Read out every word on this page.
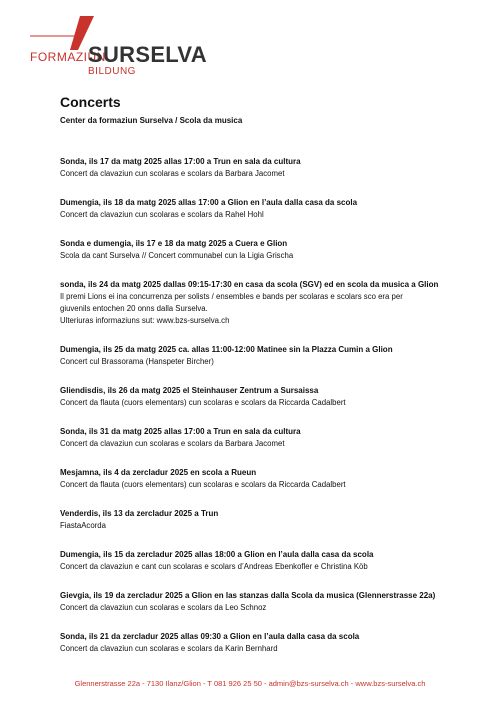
FORMAZIUN
SURSELVA
BILDUNG
Concerts
Center da formaziun Surselva / Scola da musica
Sonda, ils 17 da matg 2025 allas 17:00 a Trun en sala da cultura
Concert da clavaziun cun scolaras e scolars da Barbara Jacomet
Dumengia, ils 18 da matg 2025 allas 17:00 a Glion en l’aula dalla casa da scola
Concert da clavaziun cun scolaras e scolars da Rahel Hohl
Sonda e dumengia, ils 17 e 18 da matg 2025 a Cuera e Glion
Scola da cant Surselva // Concert communabel cun la Ligia Grischa
sonda, ils 24 da matg 2025 dallas 09:15-17:30 en casa da scola (SGV) ed en scola da musica a Glion
Il premi Lions ei ina concurrenza per solists / ensembles e bands per scolaras e scolars sco era per
giuvenils entochen 20 onns dalla Surselva.
Ulteriuras informaziuns sut: www.bzs-surselva.ch
Dumengia, ils 25 da matg 2025 ca. allas 11:00-12:00 Matinee sin la Plazza Cumin a Glion
Concert cul Brassorama (Hanspeter Bircher)
Gliendisdis, ils 26 da matg 2025 el Steinhauser Zentrum a Sursaissa
Concert da flauta (cuors elementars) cun scolaras e scolars da Riccarda Cadalbert
Sonda, ils 31 da matg 2025 allas 17:00 a Trun en sala da cultura
Concert da clavaziun cun scolaras e scolars da Barbara Jacomet
Mesjamna, ils 4 da zercladur 2025 en scola a Rueun
Concert da flauta (cuors elementars) cun scolaras e scolars da Riccarda Cadalbert
Venderdis, ils 13 da zercladur 2025 a Trun
FiastaAcorda
Dumengia, ils 15 da zercladur 2025 allas 18:00 a Glion en l’aula dalla casa da scola
Concert da clavaziun e cant cun scolaras e scolars d’Andreas Ebenkofler e Christina Köb
Gievgia, ils 19 da zercladur 2025 a Glion en las stanzas dalla Scola da musica (Glennerstrasse 22a)
Concert da clavaziun cun scolaras e scolars da Leo Schnoz
Sonda, ils 21 da zercladur 2025 allas 09:30 a Glion en l’aula dalla casa da scola
Concert da clavaziun cun scolaras e scolars da Karin Bernhard
Glennerstrasse 22a - 7130 Ilanz/Glion - T 081 926 25 50 - admin@bzs-surselva.ch - www.bzs-surselva.ch
